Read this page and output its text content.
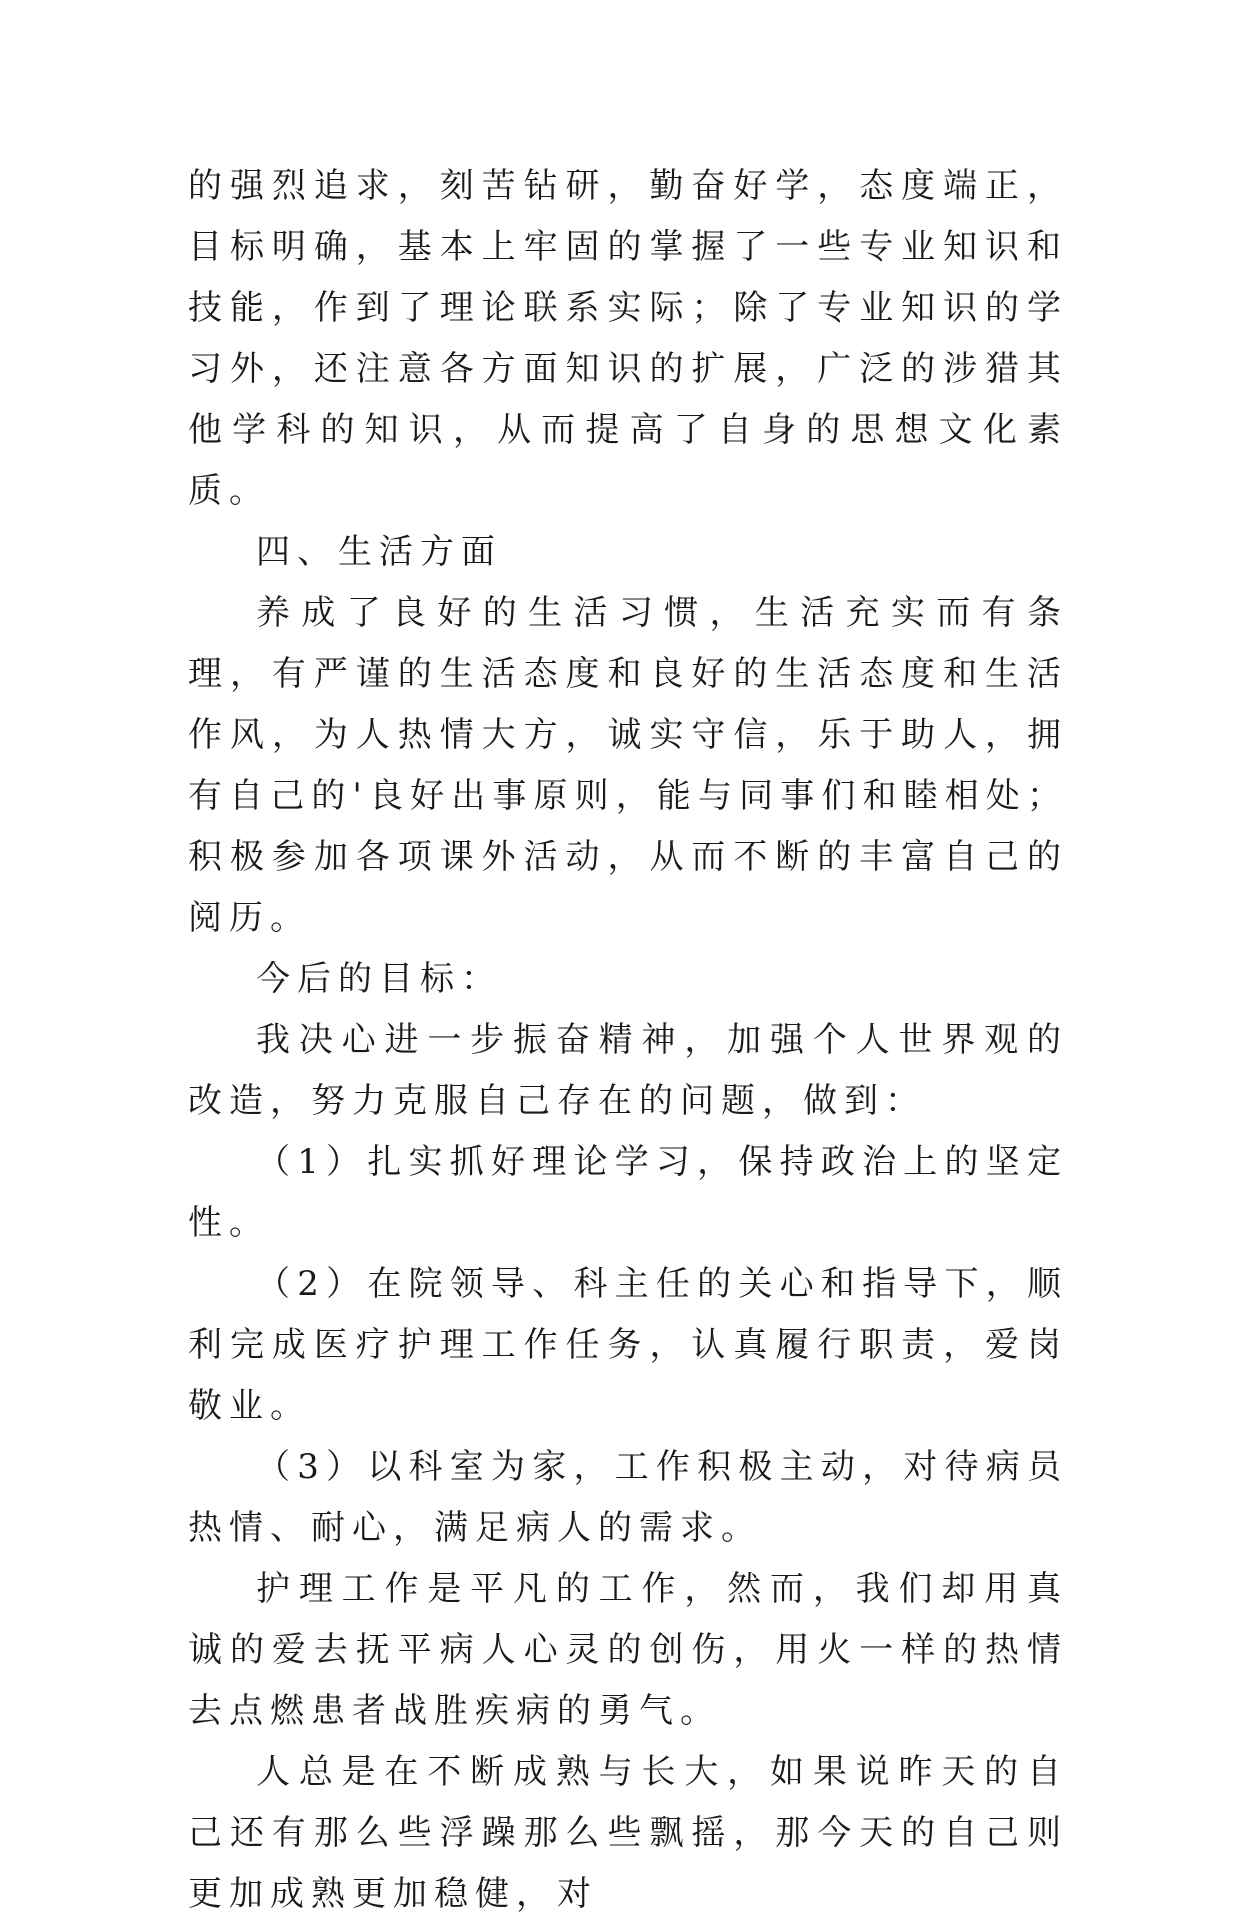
的强烈追求，刻苦钻研，勤奋好学，态度端正，目标明确，基本上牢固的掌握了一些专业知识和技能，作到了理论联系实际；除了专业知识的学习外，还注意各方面知识的扩展，广泛的涉猎其他学科的知识，从而提高了自身的思想文化素质。

四、生活方面

养成了良好的生活习惯，生活充实而有条理，有严谨的生活态度和良好的生活态度和生活作风，为人热情大方，诚实守信，乐于助人，拥有自己的'良好出事原则，能与同事们和睦相处；积极参加各项课外活动，从而不断的丰富自己的阅历。

今后的目标：

我决心进一步振奋精神，加强个人世界观的改造，努力克服自己存在的问题，做到：

（1）扎实抓好理论学习，保持政治上的坚定性。

（2）在院领导、科主任的关心和指导下，顺利完成医疗护理工作任务，认真履行职责，爱岗敬业。

（3）以科室为家，工作积极主动，对待病员热情、耐心，满足病人的需求。

护理工作是平凡的工作，然而，我们却用真诚的爱去抚平病人心灵的创伤，用火一样的热情去点燃患者战胜疾病的勇气。

人总是在不断成熟与长大，如果说昨天的自己还有那么些浮躁那么些飘摇，那今天的自己则更加成熟更加稳健，对
